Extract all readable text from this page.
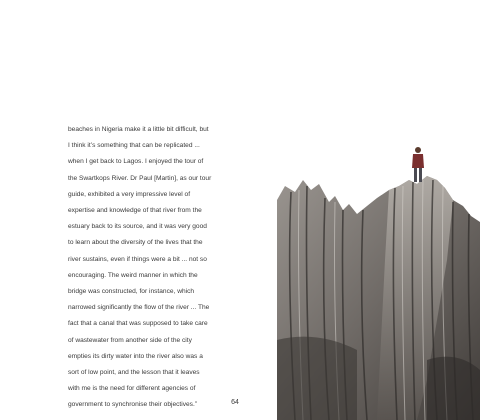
beaches in Nigeria make it a little bit difficult, but
I think it’s something that can be replicated ...
when I get back to Lagos. I enjoyed the tour of
the Swartkops River. Dr Paul [Martin], as our tour
guide, exhibited a very impressive level of
expertise and knowledge of that river from the
estuary back to its source, and it was very good
to learn about the diversity of the lives that the
river sustains, even if things were a bit ... not so
encouraging. The weird manner in which the
bridge was constructed, for instance, which
narrowed significantly the flow of the river ... The
fact that a canal that was supposed to take care
of wastewater from another side of the city
empties its dirty water into the river also was a
sort of low point, and the lesson that it leaves
with me is the need for different agencies of
government to synchronise their objectives.”	64
